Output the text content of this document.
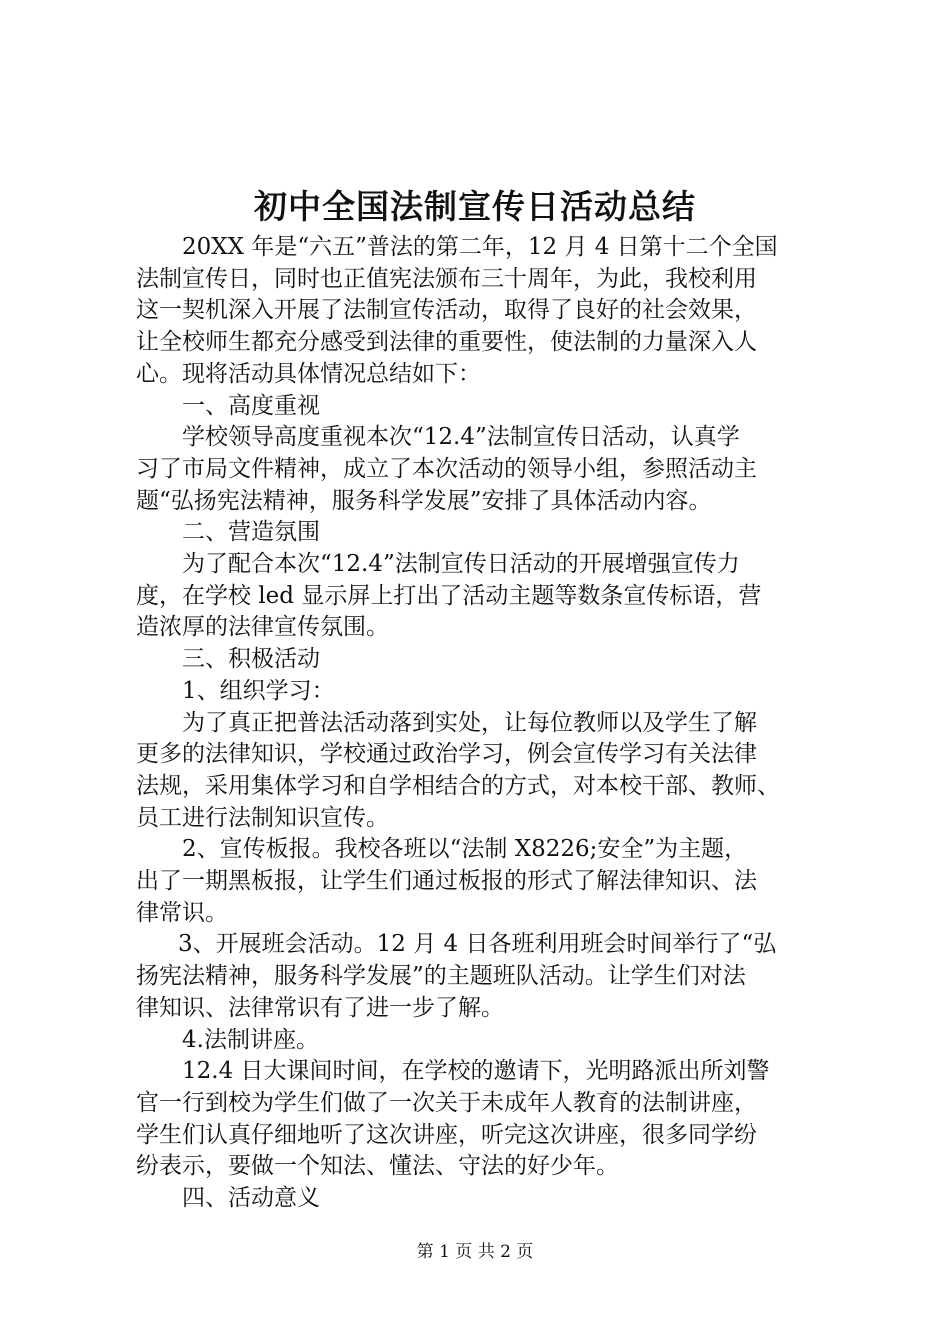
初中全国法制宣传日活动总结

20XX 年是“六五”普法的第二年，12 月 4 日第十二个全国

法制宣传日，同时也正值宪法颁布三十周年，为此，我校利用

这一契机深入开展了法制宣传活动，取得了良好的社会效果，

让全校师生都充分感受到法律的重要性，使法制的力量深入人

心。现将活动具体情况总结如下：

一、高度重视

学校领导高度重视本次“12.4”法制宣传日活动，认真学

习了市局文件精神，成立了本次活动的领导小组，参照活动主

题“弘扬宪法精神，服务科学发展”安排了具体活动内容。

二、营造氛围

为了配合本次“12.4”法制宣传日活动的开展增强宣传力

度，在学校 led 显示屏上打出了活动主题等数条宣传标语，营

造浓厚的法律宣传氛围。

三、积极活动

1、组织学习：

为了真正把普法活动落到实处，让每位教师以及学生了解

更多的法律知识，学校通过政治学习，例会宣传学习有关法律

法规，采用集体学习和自学相结合的方式，对本校干部、教师、

员工进行法制知识宣传。

2、宣传板报。我校各班以“法制 X8226;安全”为主题，

出了一期黑板报，让学生们通过板报的形式了解法律知识、法

律常识。

3、开展班会活动。12 月 4 日各班利用班会时间举行了“弘

扬宪法精神，服务科学发展”的主题班队活动。让学生们对法

律知识、法律常识有了进一步了解。

4.法制讲座。

12.4 日大课间时间，在学校的邀请下，光明路派出所刘警

官一行到校为学生们做了一次关于未成年人教育的法制讲座，

学生们认真仔细地听了这次讲座，听完这次讲座，很多同学纷

纷表示，要做一个知法、懂法、守法的好少年。

四、活动意义

第 1 页 共 2 页
